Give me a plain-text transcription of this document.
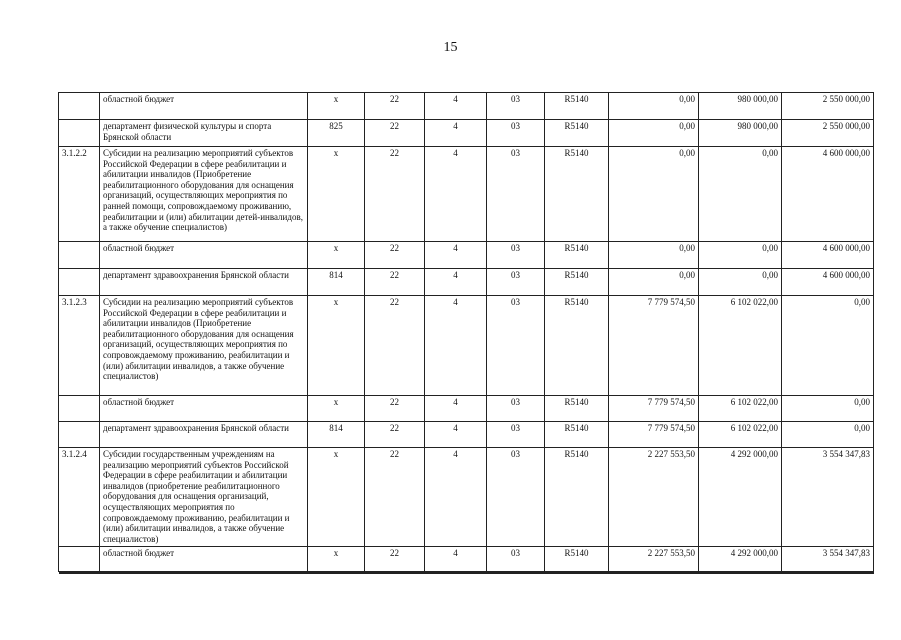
15
	областной бюджет	x	22	4	03	R5140	0,00	980 000,00	2 550 000,00
	департамент физической культуры и спорта Брянской области	825	22	4	03	R5140	0,00	980 000,00	2 550 000,00
3.1.2.2	Субсидии на реализацию мероприятий субъектов Российской Федерации в сфере реабилитации и абилитации инвалидов (Приобретение реабилитационного оборудования для оснащения организаций, осуществляющих мероприятия по ранней помощи, сопровождаемому проживанию, реабилитации и (или) абилитации детей-инвалидов, а также обучение специалистов)	x	22	4	03	R5140	0,00	0,00	4 600 000,00
	областной бюджет	x	22	4	03	R5140	0,00	0,00	4 600 000,00
	департамент здравоохранения Брянской области	814	22	4	03	R5140	0,00	0,00	4 600 000,00
3.1.2.3	Субсидии на реализацию мероприятий субъектов Российской Федерации в сфере реабилитации и абилитации инвалидов (Приобретение реабилитационного оборудования для оснащения организаций, осуществляющих мероприятия по сопровождаемому проживанию, реабилитации и (или) абилитации инвалидов, а также обучение специалистов)	x	22	4	03	R5140	7 779 574,50	6 102 022,00	0,00
	областной бюджет	x	22	4	03	R5140	7 779 574,50	6 102 022,00	0,00
	департамент здравоохранения Брянской области	814	22	4	03	R5140	7 779 574,50	6 102 022,00	0,00
3.1.2.4	Субсидии государственным учреждениям на реализацию мероприятий субъектов Российской Федерации в сфере реабилитации и абилитации инвалидов (приобретение реабилитационного оборудования для оснащения организаций, осуществляющих мероприятия по сопровождаемому проживанию, реабилитации и (или) абилитации инвалидов, а также обучение специалистов)	x	22	4	03	R5140	2 227 553,50	4 292 000,00	3 554 347,83
	областной бюджет	x	22	4	03	R5140	2 227 553,50	4 292 000,00	3 554 347,83
